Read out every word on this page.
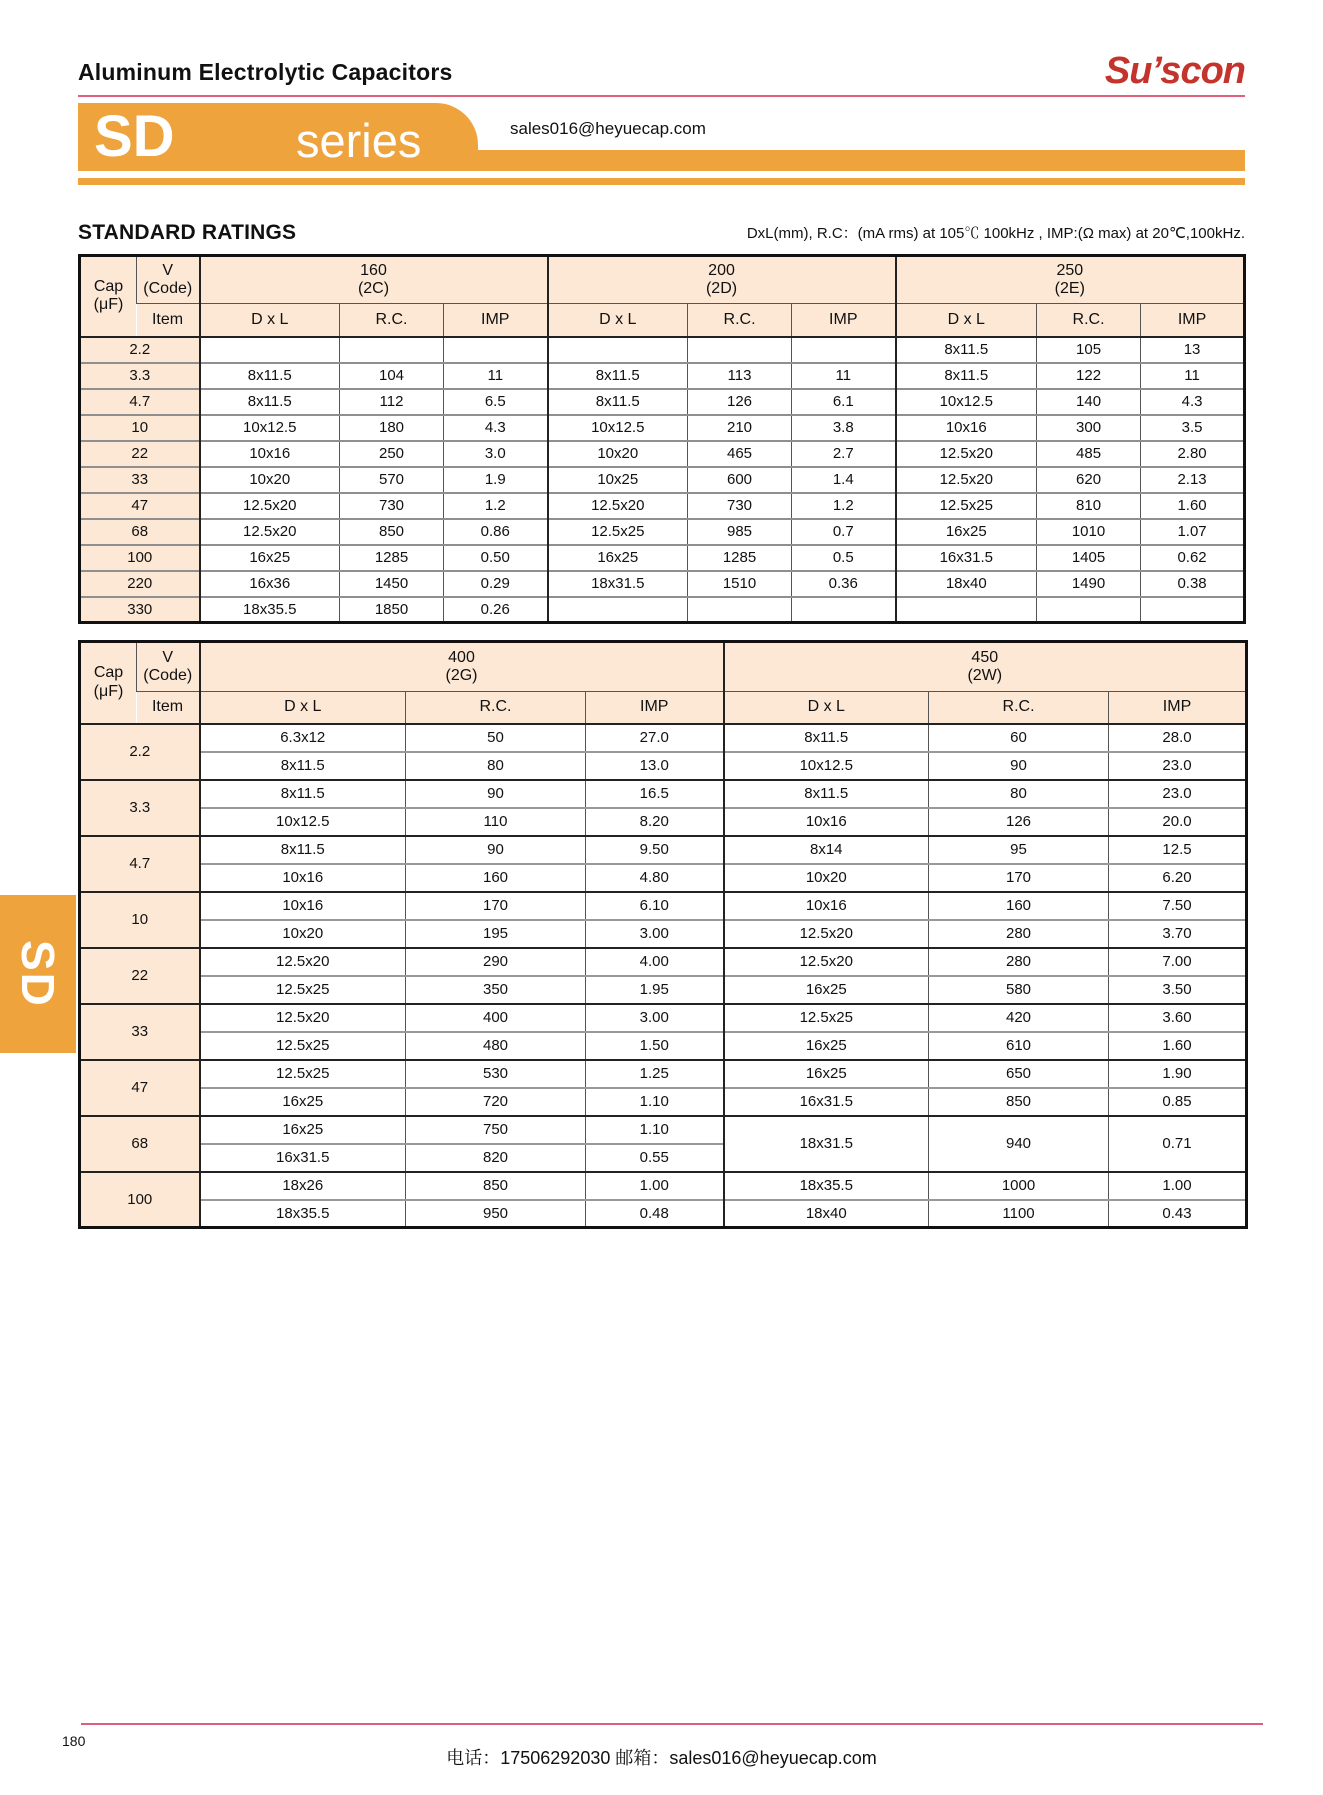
Aluminum Electrolytic Capacitors	Su’scon
SD	series	sales016@heyuecap.com
STANDARD RATINGS	DxL(mm), R.C：(mA rms) at 105℃ 100kHz , IMP:(Ω max) at 20℃,100kHz.
Cap
(μF)	V
(Code)	160
(2C)			200
(2D)			250
(2E)		

	Item	D x L	R.C.	IMP	D x L	R.C.	IMP	D x L	R.C.	IMP
2.2								8x11.5	105	13
3.3		8x11.5	104	11	8x11.5	113	11	8x11.5	122	11
4.7		8x11.5	112	6.5	8x11.5	126	6.1	10x12.5	140	4.3
10		10x12.5	180	4.3	10x12.5	210	3.8	10x16	300	3.5
22		10x16	250	3.0	10x20	465	2.7	12.5x20	485	2.80
33		10x20	570	1.9	10x25	600	1.4	12.5x20	620	2.13
47		12.5x20	730	1.2	12.5x20	730	1.2	12.5x25	810	1.60
68		12.5x20	850	0.86	12.5x25	985	0.7	16x25	1010	1.07
100		16x25	1285	0.50	16x25	1285	0.5	16x31.5	1405	0.62
220		16x36	1450	0.29	18x31.5	1510	0.36	18x40	1490	0.38
330		18x35.5	1850	0.26						
Cap
(μF)	V
(Code)	400
(2G)			450
(2W)		

	Item	D x L	R.C.	IMP	D x L	R.C.	IMP
2.2		6.3x12	50	27.0	8x11.5	60	28.0
		8x11.5	80	13.0	10x12.5	90	23.0
3.3		8x11.5	90	16.5	8x11.5	80	23.0
		10x12.5	110	8.20	10x16	126	20.0
4.7		8x11.5	90	9.50	8x14	95	12.5
		10x16	160	4.80	10x20	170	6.20
10		10x16	170	6.10	10x16	160	7.50
		10x20	195	3.00	12.5x20	280	3.70
22		12.5x20	290	4.00	12.5x20	280	7.00
		12.5x25	350	1.95	16x25	580	3.50
33		12.5x20	400	3.00	12.5x25	420	3.60
		12.5x25	480	1.50	16x25	610	1.60
47		12.5x25	530	1.25	16x25	650	1.90
		16x25	720	1.10	16x31.5	850	0.85
68		16x25	750	1.10	18x31.5	940	0.71
		16x31.5	820	0.55			
100		18x26	850	1.00	18x35.5	1000	1.00
		18x35.5	950	0.48	18x40	1100	0.43
SD
180
电话：17506292030 邮箱：sales016@heyuecap.com
